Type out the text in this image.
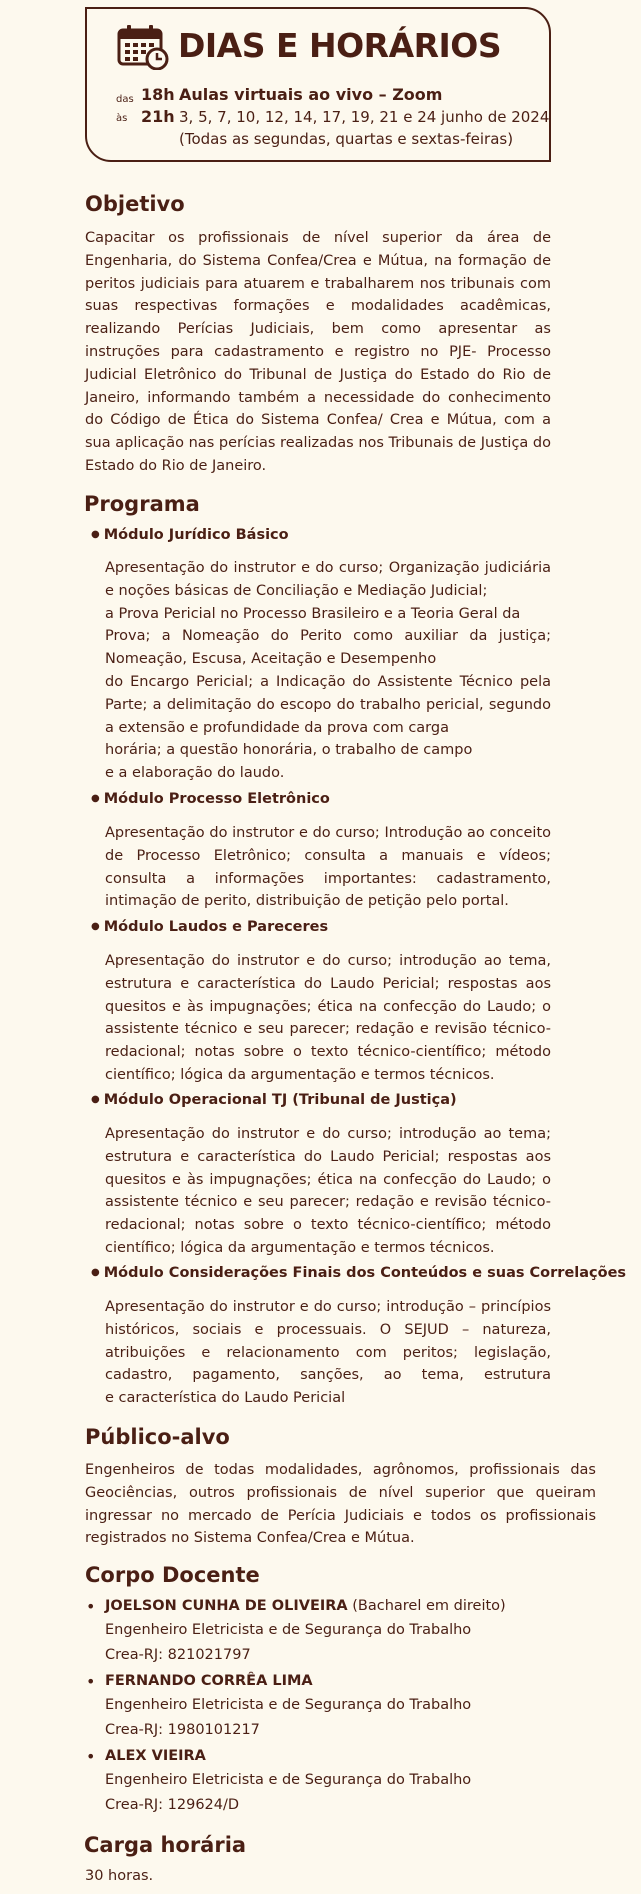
DIAS E HORÁRIOS
das
às
18h
21h
Aulas virtuais ao vivo – Zoom
3, 5, 7, 10, 12, 14, 17, 19, 21 e 24 junho de 2024
(Todas as segundas, quartas e sextas-feiras)
Objetivo

Capacitar os profissionais de nível superior da área de Engenharia, do Sistema Confea/Crea e Mútua, na formação de peritos judiciais para atuarem e trabalharem nos tribunais com suas respectivas formações e modalidades acadêmicas, realizando Perícias Judiciais, bem como apresentar as instruções para cadastramento e registro no PJE- Processo Judicial Eletrônico do Tribunal de Justiça do Estado do Rio de Janeiro, informando também a necessidade do conhecimento do Código de Ética do Sistema Confea/ Crea e Mútua, com a sua aplicação nas perícias realizadas nos Tribunais de Justiça do Estado do Rio de Janeiro.

Programa
● Módulo Jurídico Básico
Apresentação do instrutor e do curso; Organização judiciária
e noções básicas de Conciliação e Mediação Judicial;
a Prova Pericial no Processo Brasileiro e a Teoria Geral da
Prova; a Nomeação do Perito como auxiliar da justiça;
Nomeação, Escusa, Aceitação e Desempenho
do Encargo Pericial; a Indicação do Assistente Técnico pela
Parte; a delimitação do escopo do trabalho pericial, segundo
a extensão e profundidade da prova com carga
horária; a questão honorária, o trabalho de campo
e a elaboração do laudo.
● Módulo Processo Eletrônico

Apresentação do instrutor e do curso; Introdução ao conceito de Processo Eletrônico; consulta a manuais e vídeos; consulta a informações importantes: cadastramento, intimação de perito, distribuição de petição pelo portal.

● Módulo Laudos e Pareceres

Apresentação do instrutor e do curso; introdução ao tema, estrutura e característica do Laudo Pericial; respostas aos quesitos e às impugnações; ética na confecção do Laudo; o assistente técnico e seu parecer; redação e revisão técnico-redacional; notas sobre o texto técnico-científico; método científico; lógica da argumentação e termos técnicos.

● Módulo Operacional TJ (Tribunal de Justiça)

Apresentação do instrutor e do curso; introdução ao tema; estrutura e característica do Laudo Pericial; respostas aos quesitos e às impugnações; ética na confecção do Laudo; o assistente técnico e seu parecer; redação e revisão técnico-redacional; notas sobre o texto técnico-científico; método científico; lógica da argumentação e termos técnicos.

● Módulo Considerações Finais dos Conteúdos e suas Correlações
Apresentação do instrutor e do curso; introdução – princípios
históricos, sociais e processuais. O SEJUD – natureza,
atribuições e relacionamento com peritos; legislação,
cadastro, pagamento, sanções, ao tema, estrutura
e característica do Laudo Pericial
Público-alvo

Engenheiros de todas modalidades, agrônomos, profissionais das Geociências, outros profissionais de nível superior que queiram ingressar no mercado de Perícia Judiciais e todos os profissionais registrados no Sistema Confea/Crea e Mútua.

Corpo Docente
• JOELSON CUNHA DE OLIVEIRA (Bacharel em direito)
Engenheiro Eletricista e de Segurança do Trabalho
Crea-RJ: 821021797
• FERNANDO CORRÊA LIMA
Engenheiro Eletricista e de Segurança do Trabalho
Crea-RJ: 1980101217
• ALEX VIEIRA
Engenheiro Eletricista e de Segurança do Trabalho
Crea-RJ: 129624/D
Carga horária
30 horas.
